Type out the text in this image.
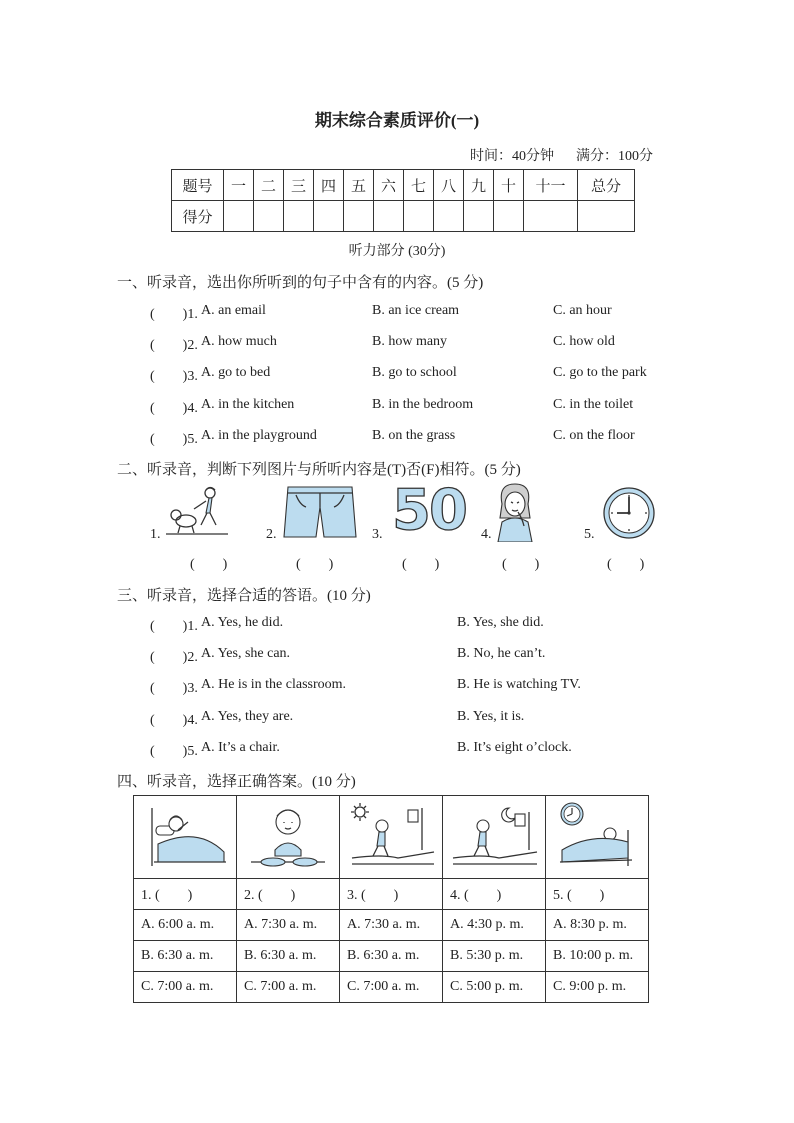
期末综合素质评价(一)
时间：40分钟 满分：100分
题号	一	二	三	四	五	六	七	八	九	十	十一	总分
得分												
听力部分 (30分)
一、听录音，选出你所听到的句子中含有的内容。(5 分)
(　　)1. A. an email	B. an ice cream	C. an hour
(　　)2. A. how much	B. how many	C. how old
(　　)3. A. go to bed	B. go to school	C. go to the park
(　　)4. A. in the kitchen	B. in the bedroom	C. in the toilet
(　　)5. A. in the playground	B. on the grass	C. on the floor
二、听录音，判断下列图片与所听内容是(T)否(F)相符。(5 分)
1.
(　　)
2.
(　　)
3. 50
(　　)
4.
(　　)
5.
(　　)
三、听录音，选择合适的答语。(10 分)
(　　)1. A. Yes, he did.	B. Yes, she did.
(　　)2. A. Yes, she can.	B. No, he can’t.
(　　)3. A. He is in the classroom.	B. He is watching TV.
(　　)4. A. Yes, they are.	B. Yes, it is.
(　　)5. A. It’s a chair.	B. It’s eight o’clock.
四、听录音，选择正确答案。(10 分)

1. (　　)	2. (　　)	3. (　　)	4. (　　)	5. (　　)
A. 6:00 a. m.	A. 7:30 a. m.	A. 7:30 a. m.	A. 4:30 p. m.	A. 8:30 p. m.
B. 6:30 a. m.	B. 6:30 a. m.	B. 6:30 a. m.	B. 5:30 p. m.	B. 10:00 p. m.
C. 7:00 a. m.	C. 7:00 a. m.	C. 7:00 a. m.	C. 5:00 p. m.	C. 9:00 p. m.
